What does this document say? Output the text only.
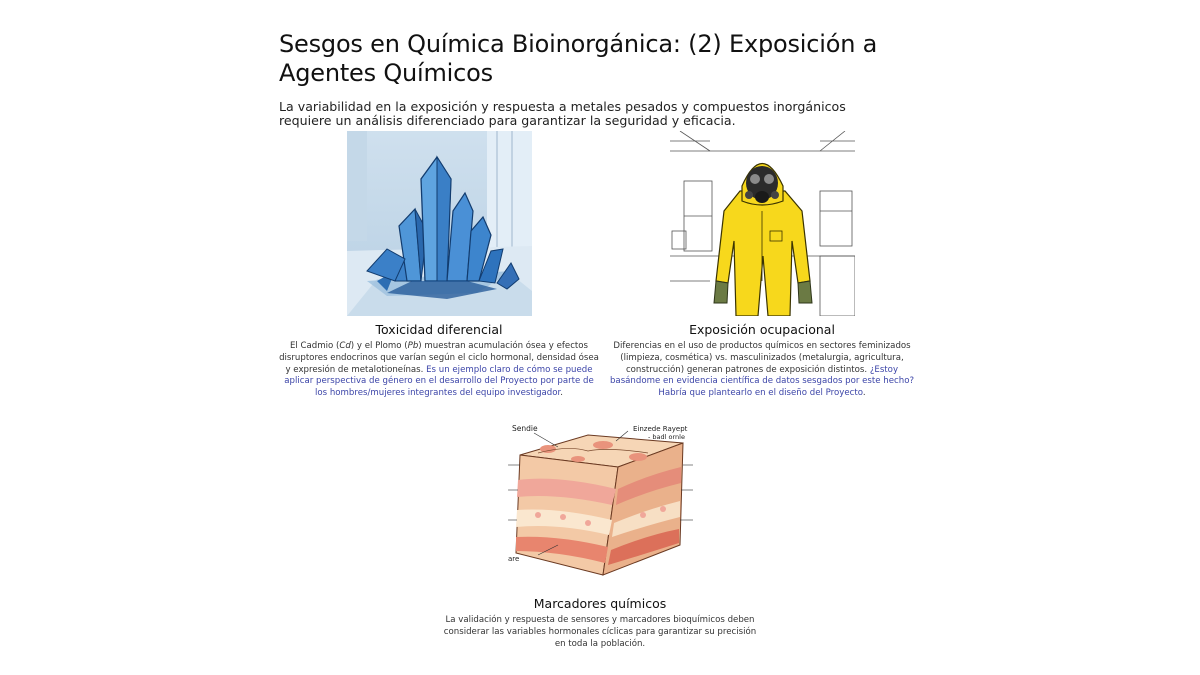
Sesgos en Química Bioinorgánica: (2) Exposición a Agentes Químicos

La variabilidad en la exposición y respuesta a metales pesados y compuestos inorgánicos requiere un análisis diferenciado para garantizar la seguridad y eficacia.

Toxicidad diferencial

El Cadmio (Cd) y el Plomo (Pb) muestran acumulación ósea y efectos disruptores endocrinos que varían según el ciclo hormonal, densidad ósea y expresión de metalotioneínas. Es un ejemplo claro de cómo se puede aplicar perspectiva de género en el desarrollo del Proyecto por parte de los hombres/mujeres integrantes del equipo investigador.

Exposición ocupacional

Diferencias en el uso de productos químicos en sectores feminizados (limpieza, cosmética) vs. masculinizados (metalurgia, agricultura, construcción) generan patrones de exposición distintos. ¿Estoy basándome en evidencia científica de datos sesgados por este hecho? Habría que plantearlo en el diseño del Proyecto.

Sendie	Einzede Rayept
- badl ornle
are
Marcadores químicos

La validación y respuesta de sensores y marcadores bioquímicos deben considerar las variables hormonales cíclicas para garantizar su precisión en toda la población.
